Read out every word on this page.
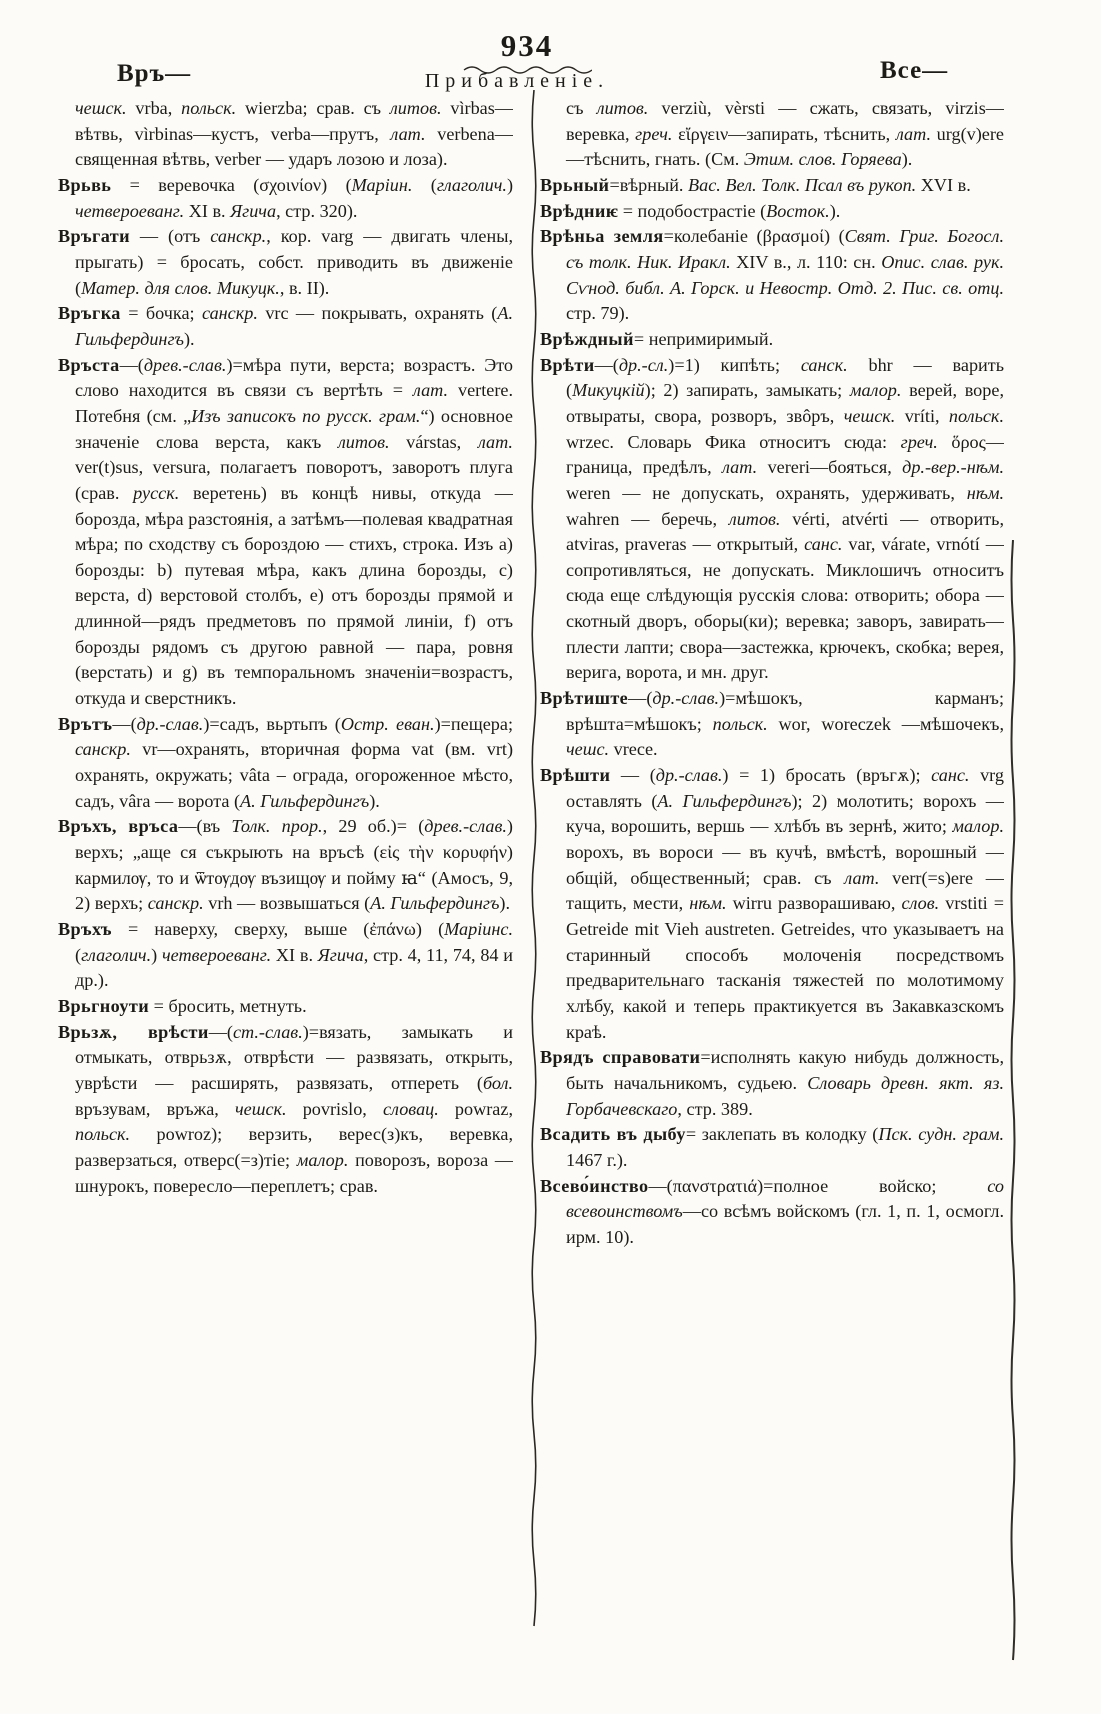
Връ—
934
Прибавленіе.	Все—

чешск. vrba, польск. wierzba; срав. съ литов. vìrbas—вѣтвь, vìrbinas—кустъ, verba—прутъ, лат. verbena—священная вѣтвь, verber — ударъ лозою и лоза).

Врьвь = веревочка (σχοινίον) (Маріин. (глаголич.) четвероеванг. XI в. Ягича, стр. 320).

Връгати — (отъ санскр., кор. varg — двигать члены, прыгать) = бросать, собст. приводить въ движеніе (Матер. для слов. Микуцк., в. II).

Връгка = бочка; санскр. vrc — покрывать, охранять (А. Гильфердингъ).

Връста—(древ.-слав.)=мѣра пути, верста; возрастъ. Это слово находится въ связи съ вертѣть = лат. vertere. Потебня (см. „Изъ записокъ по русск. грам.“) основное значеніе слова верста, какъ литов. várstas, лат. ver(t)sus, versura, полагаетъ поворотъ, заворотъ плуга (срав. русск. веретень) въ концѣ нивы, откуда — борозда, мѣра разстоянія, а затѣмъ—полевая квадратная мѣра; по сходству съ бороздою — стихъ, строка. Изъ a) борозды: b) путевая мѣра, какъ длина борозды, c) верста, d) верстовой столбъ, e) отъ борозды прямой и длинной—рядъ предметовъ по прямой линіи, f) отъ борозды рядомъ съ другою равной — пара, ровня (верстать) и g) въ темпоральномъ значеніи=возрастъ, откуда и сверстникъ.

Врътъ—(др.-слав.)=садъ, вьртьпъ (Остр. еван.)=пещера; санскр. vr—охранять, вторичная форма vat (вм. vrt) охранять, окружать; vâta – ограда, огороженное мѣсто, садъ, vâra — ворота (А. Гильфердингъ).

Връхъ, връса—(въ Толк. прор., 29 об.)= (древ.-слав.) верхъ; „аще ся съкрыють на връсѣ (εἰς τὴν κορυφήν) кармилѹ, то и ѿтѹдѹ възищѹ и пойму ꙗ“ (Амосъ, 9, 2) верхъ; санскр. vrh — возвышаться (А. Гильфердингъ).

Връхъ = наверху, сверху, выше (ἐπάνω) (Маріинс. (глаголич.) четвероеванг. XI в. Ягича, стр. 4, 11, 74, 84 и др.).

Врьгноути = бросить, метнуть.

Врьзѫ, врѣсти—(ст.-слав.)=вязать, замыкать и отмыкать, отврьзѫ, отврѣсти — развязать, открыть, уврѣсти — расширять, развязать, отпереть (бол. връзувам, връжа, чешск. povrislo, словац. powraz, польск. powroz); верзить, верес(з)къ, веревка, разверзаться, отверс(=з)тіе; малор. поворозъ, вороза — шнурокъ, повересло—переплетъ; срав.

съ литов. verziù, vèrsti — сжать, связать, virzis—веревка, греч. εἴργειν—запирать, тѣснить, лат. urg(v)ere—тѣснить, гнать. (См. Этим. слов. Горяева).

Врьный=вѣрный. Вас. Вел. Толк. Псал въ рукоп. XVI в.

Врѣдниѥ = подобострастіе (Восток.).

Врѣньа земля=колебаніе (βρασμοί) (Свят. Григ. Богосл. съ толк. Ник. Иракл. XIV в., л. 110: сн. Опис. слав. рук. Сѵнод. библ. А. Горск. и Невостр. Отд. 2. Пис. св. отц. стр. 79).

Врѣждный= непримиримый.

Врѣти—(др.-сл.)=1) кипѣть; санск. bhr — варить (Микуцкій); 2) запирать, замыкать; малор. верей, воре, отвыраты, свора, розворъ, звôръ, чешск. vríti, польск. wrzec. Словарь Фика относитъ сюда: греч. ὅρος—граница, предѣлъ, лат. vereri—бояться, др.-вер.-нѣм. weren — не допускать, охранять, удерживать, нѣм. wahren — беречь, литов. vérti, atvérti — отворить, atviras, praveras — открытый, санс. var, várate, vrnótí — сопротивляться, не допускать. Миклошичъ относитъ сюда еще слѣдующія русскія слова: отворить; обора — скотный дворъ, оборы(ки); веревка; заворъ, завирать—плести лапти; свора—застежка, крючекъ, скобка; верея, верига, ворота, и мн. друг.

Врѣтиште—(др.-слав.)=мѣшокъ, карманъ; врѣшта=мѣшокъ; польск. wor, woreczek —мѣшочекъ, чешс. vrece.

Врѣшти — (др.-слав.) = 1) бросать (връгѫ); санс. vrg оставлять (А. Гильфердингъ); 2) молотить; ворохъ — куча, ворошить, вершь — хлѣбъ въ зернѣ, жито; малор. ворохъ, въ вороси — въ кучѣ, вмѣстѣ, ворошный — общій, общественный; срав. съ лат. verr(=s)ere —тащить, мести, нѣм. wirru разворашиваю, слов. vrstiti = Getreide mit Vieh austreten. Getreides, что указываетъ на старинный способъ молоченія посредствомъ предварительнаго тасканія тяжестей по молотимому хлѣбу, какой и теперь практикуется въ Закавказскомъ краѣ.

Врядъ справовати=исполнять какую нибудь должность, быть начальникомъ, судьею. Словарь древн. якт. яз. Горбачевскаго, стр. 389.

Всадить въ дыбу= заклепать въ колодку (Пск. судн. грам. 1467 г.).

Всево́инство—(πανστρατιά)=полное войско; со всевоинствомъ—со всѣмъ войскомъ (гл. 1, п. 1, осмогл. ирм. 10).
